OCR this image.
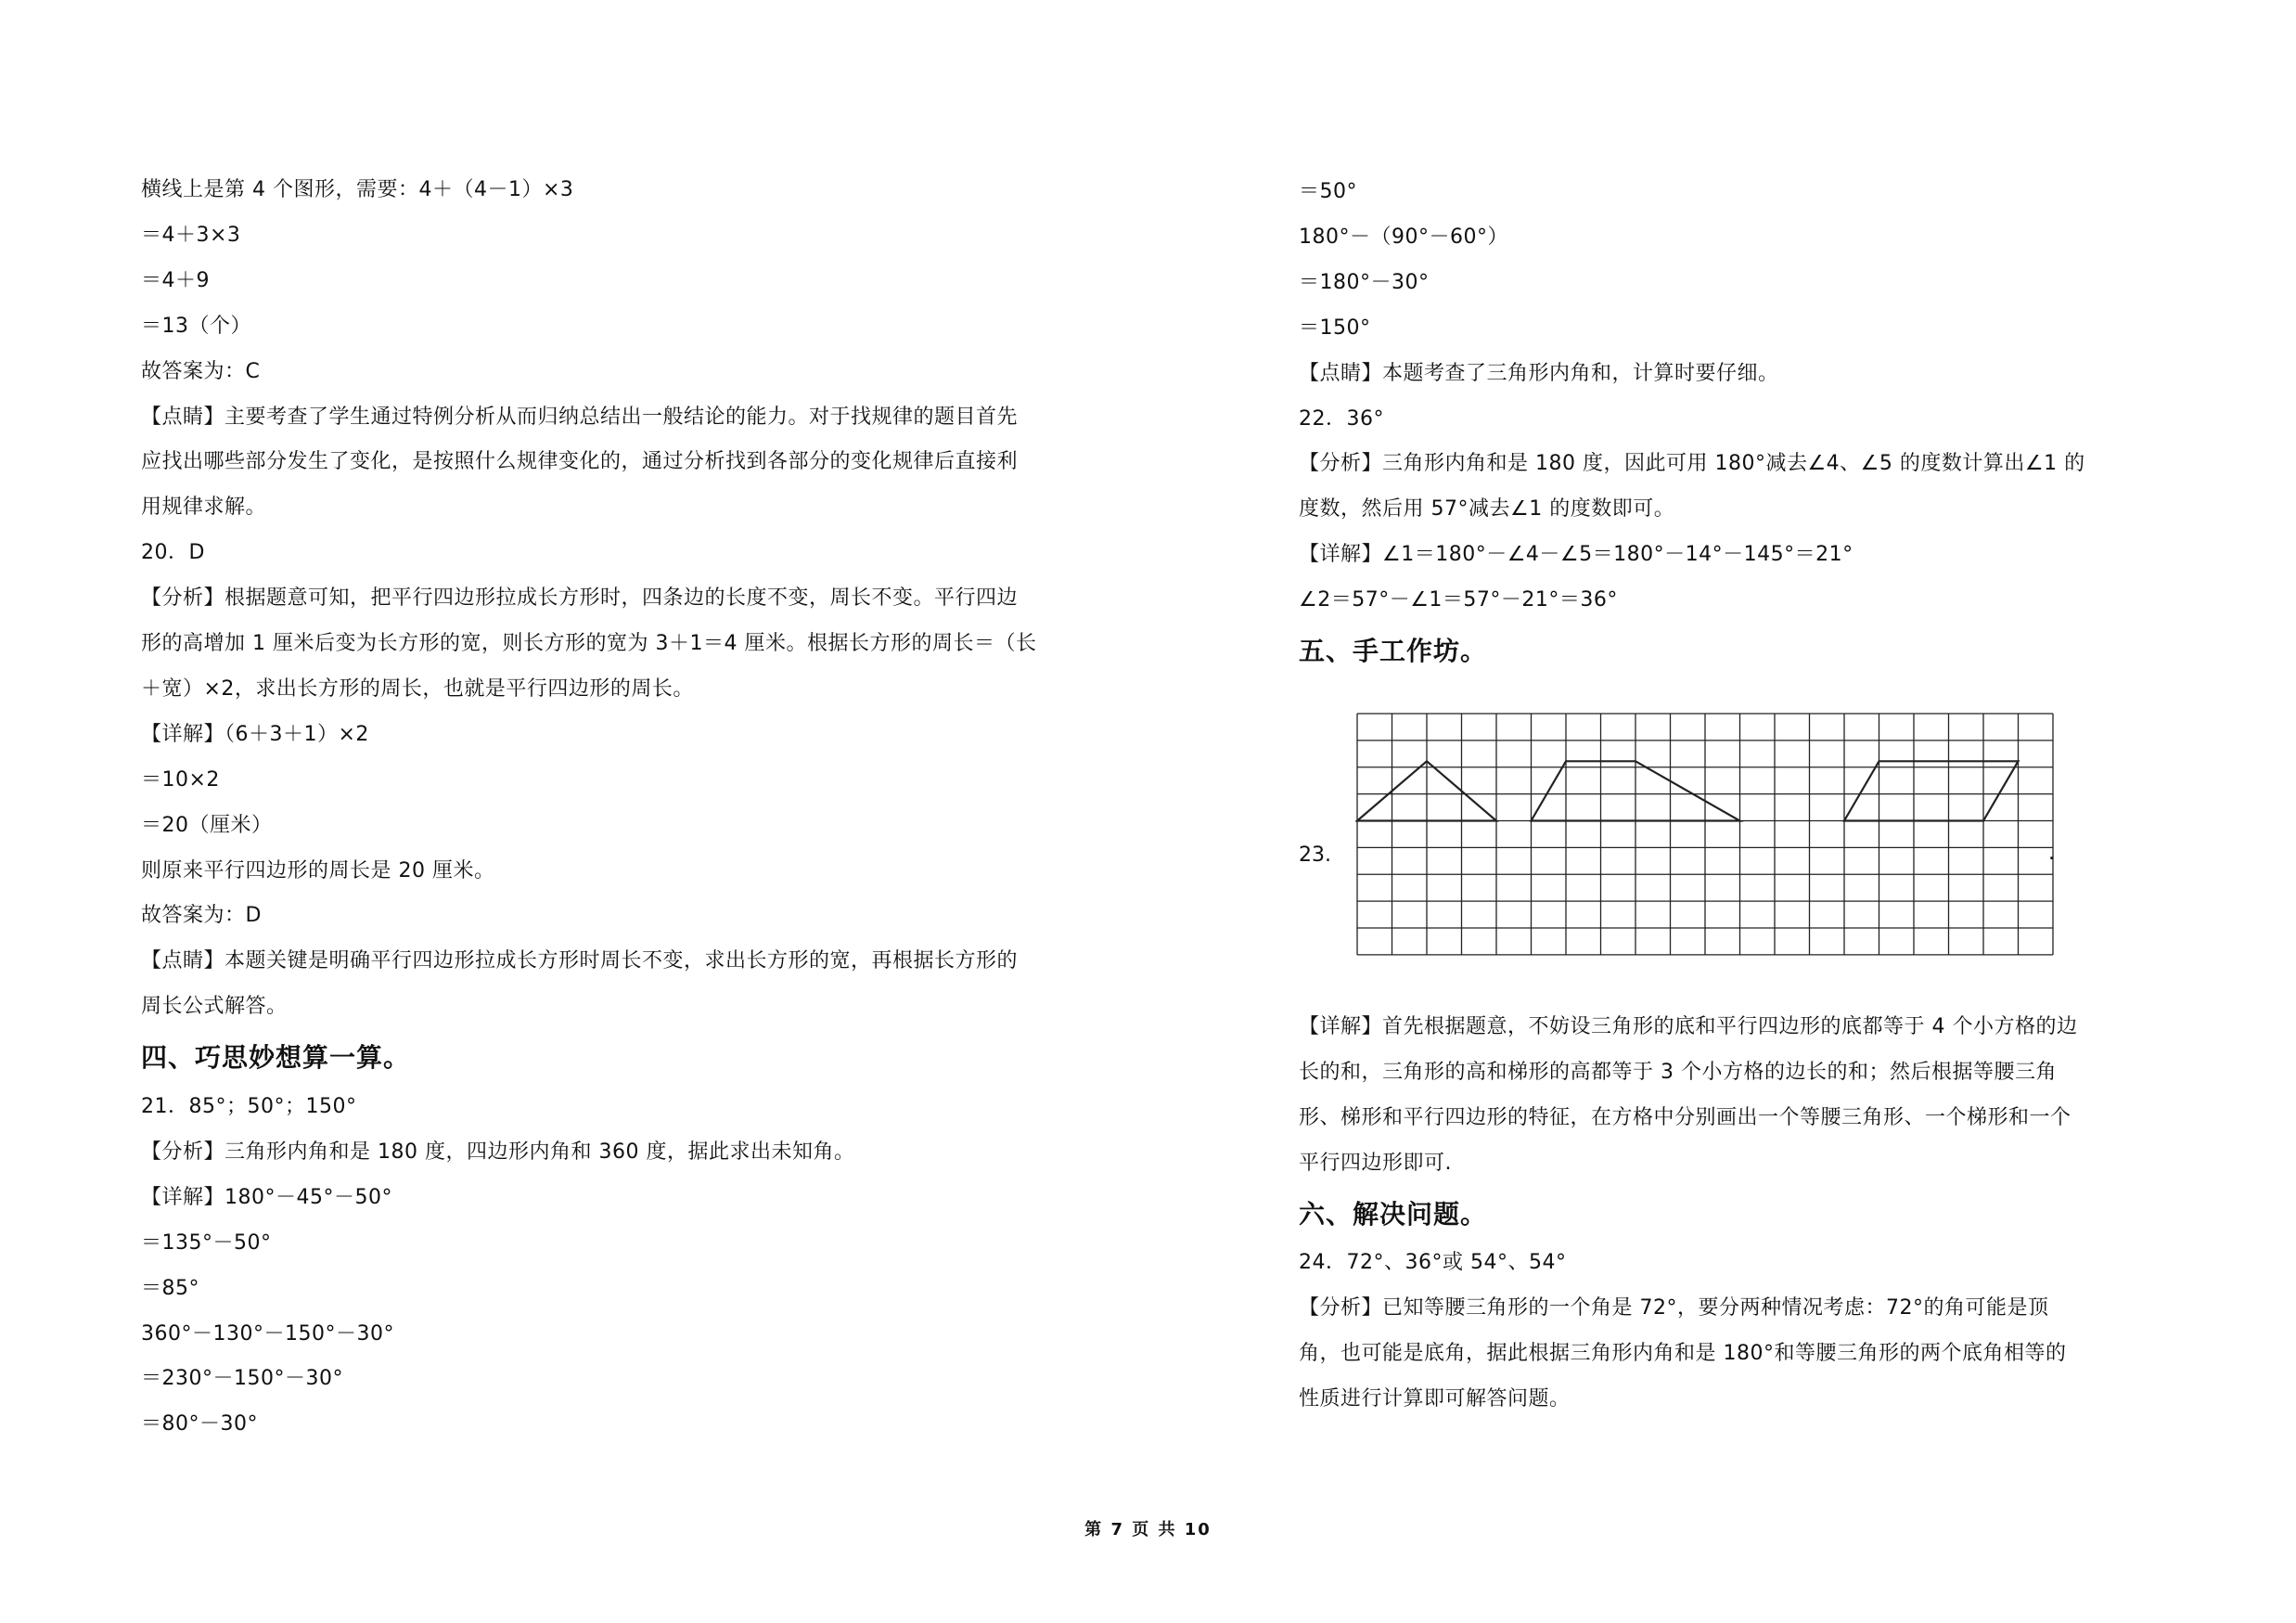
横线上是第 4 个图形，需要：4＋（4－1）×3
＝4＋3×3
＝4＋9
＝13（个）
故答案为：C
【点睛】主要考查了学生通过特例分析从而归纳总结出一般结论的能力。对于找规律的题目首先
应找出哪些部分发生了变化，是按照什么规律变化的，通过分析找到各部分的变化规律后直接利
用规律求解。
20．D
【分析】根据题意可知，把平行四边形拉成长方形时，四条边的长度不变，周长不变。平行四边
形的高增加 1 厘米后变为长方形的宽，则长方形的宽为 3＋1＝4 厘米。根据长方形的周长＝（长
＋宽）×2，求出长方形的周长，也就是平行四边形的周长。
【详解】（6＋3＋1）×2
＝10×2
＝20（厘米）
则原来平行四边形的周长是 20 厘米。
故答案为：D
【点睛】本题关键是明确平行四边形拉成长方形时周长不变，求出长方形的宽，再根据长方形的
周长公式解答。
四、巧思妙想算一算。
21．85°；50°；150°
【分析】三角形内角和是 180 度，四边形内角和 360 度，据此求出未知角。
【详解】180°－45°－50°
＝135°－50°
＝85°
360°－130°－150°－30°
＝230°－150°－30°
＝80°－30°
23.	.
＝50°
180°－（90°－60°）
＝180°－30°
＝150°
【点睛】本题考查了三角形内角和，计算时要仔细。
22．36°
【分析】三角形内角和是 180 度，因此可用 180°减去∠4、∠5 的度数计算出∠1 的
度数，然后用 57°减去∠1 的度数即可。
【详解】∠1＝180°－∠4－∠5＝180°－14°－145°＝21°
∠2＝57°－∠1＝57°－21°＝36°
五、手工作坊。
【详解】首先根据题意，不妨设三角形的底和平行四边形的底都等于 4 个小方格的边
长的和，三角形的高和梯形的高都等于 3 个小方格的边长的和；然后根据等腰三角
形、梯形和平行四边形的特征，在方格中分别画出一个等腰三角形、一个梯形和一个
平行四边形即可.
六、解决问题。
24．72°、36°或 54°、54°
【分析】已知等腰三角形的一个角是 72°，要分两种情况考虑：72°的角可能是顶
角，也可能是底角，据此根据三角形内角和是 180°和等腰三角形的两个底角相等的
性质进行计算即可解答问题。
第 7 页 共 10
